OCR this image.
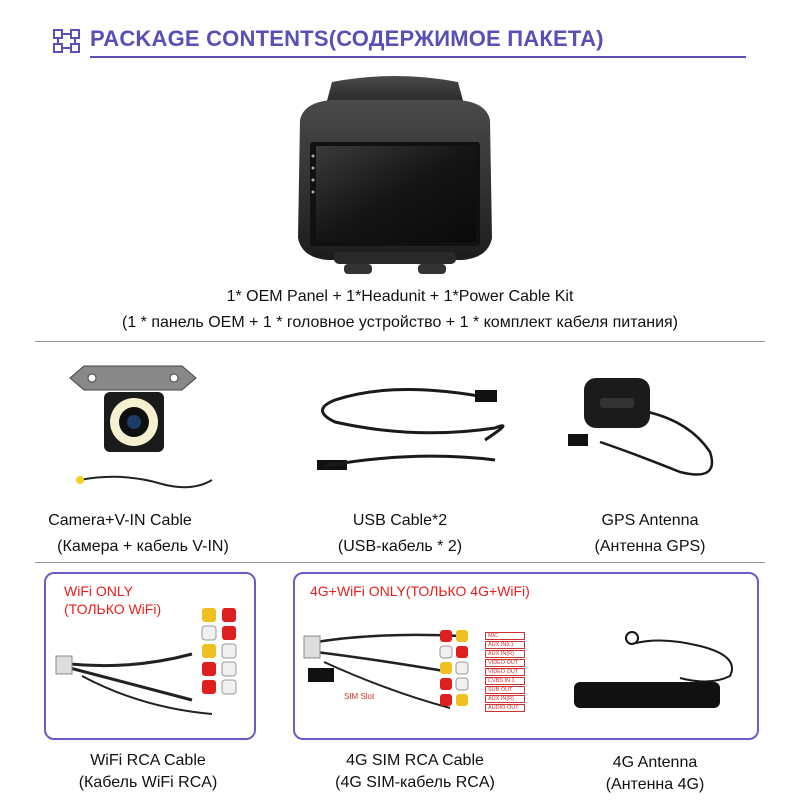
PACKAGE CONTENTS(СОДЕРЖИМОЕ ПАКЕТА)
1* OEM Panel + 1*Headunit + 1*Power Cable Kit
(1 * панель OEM + 1 * головное устройство + 1 * комплект кабеля питания)
Camera+V-IN Cable
(Камера + кабель V-IN)
USB Cable*2
(USB-кабель * 2)
GPS Antenna
(Антенна GPS)
WiFi ONLY
(ТОЛЬКО WiFi)
WiFi RCA Cable
(Кабель WiFi RCA)
4G+WiFi ONLY(ТОЛЬКО 4G+WiFi)
SIM Slot
MIC
AUX IN(L)
AUX IN(R)
VIDEO OUT
VIDEO OUT
CVBS IN 1
SUB OUT
AUX IN(R)
AUDIO OUT
4G SIM RCA Cable
(4G SIM-кабель RCA)
4G Antenna
(Антенна 4G)
